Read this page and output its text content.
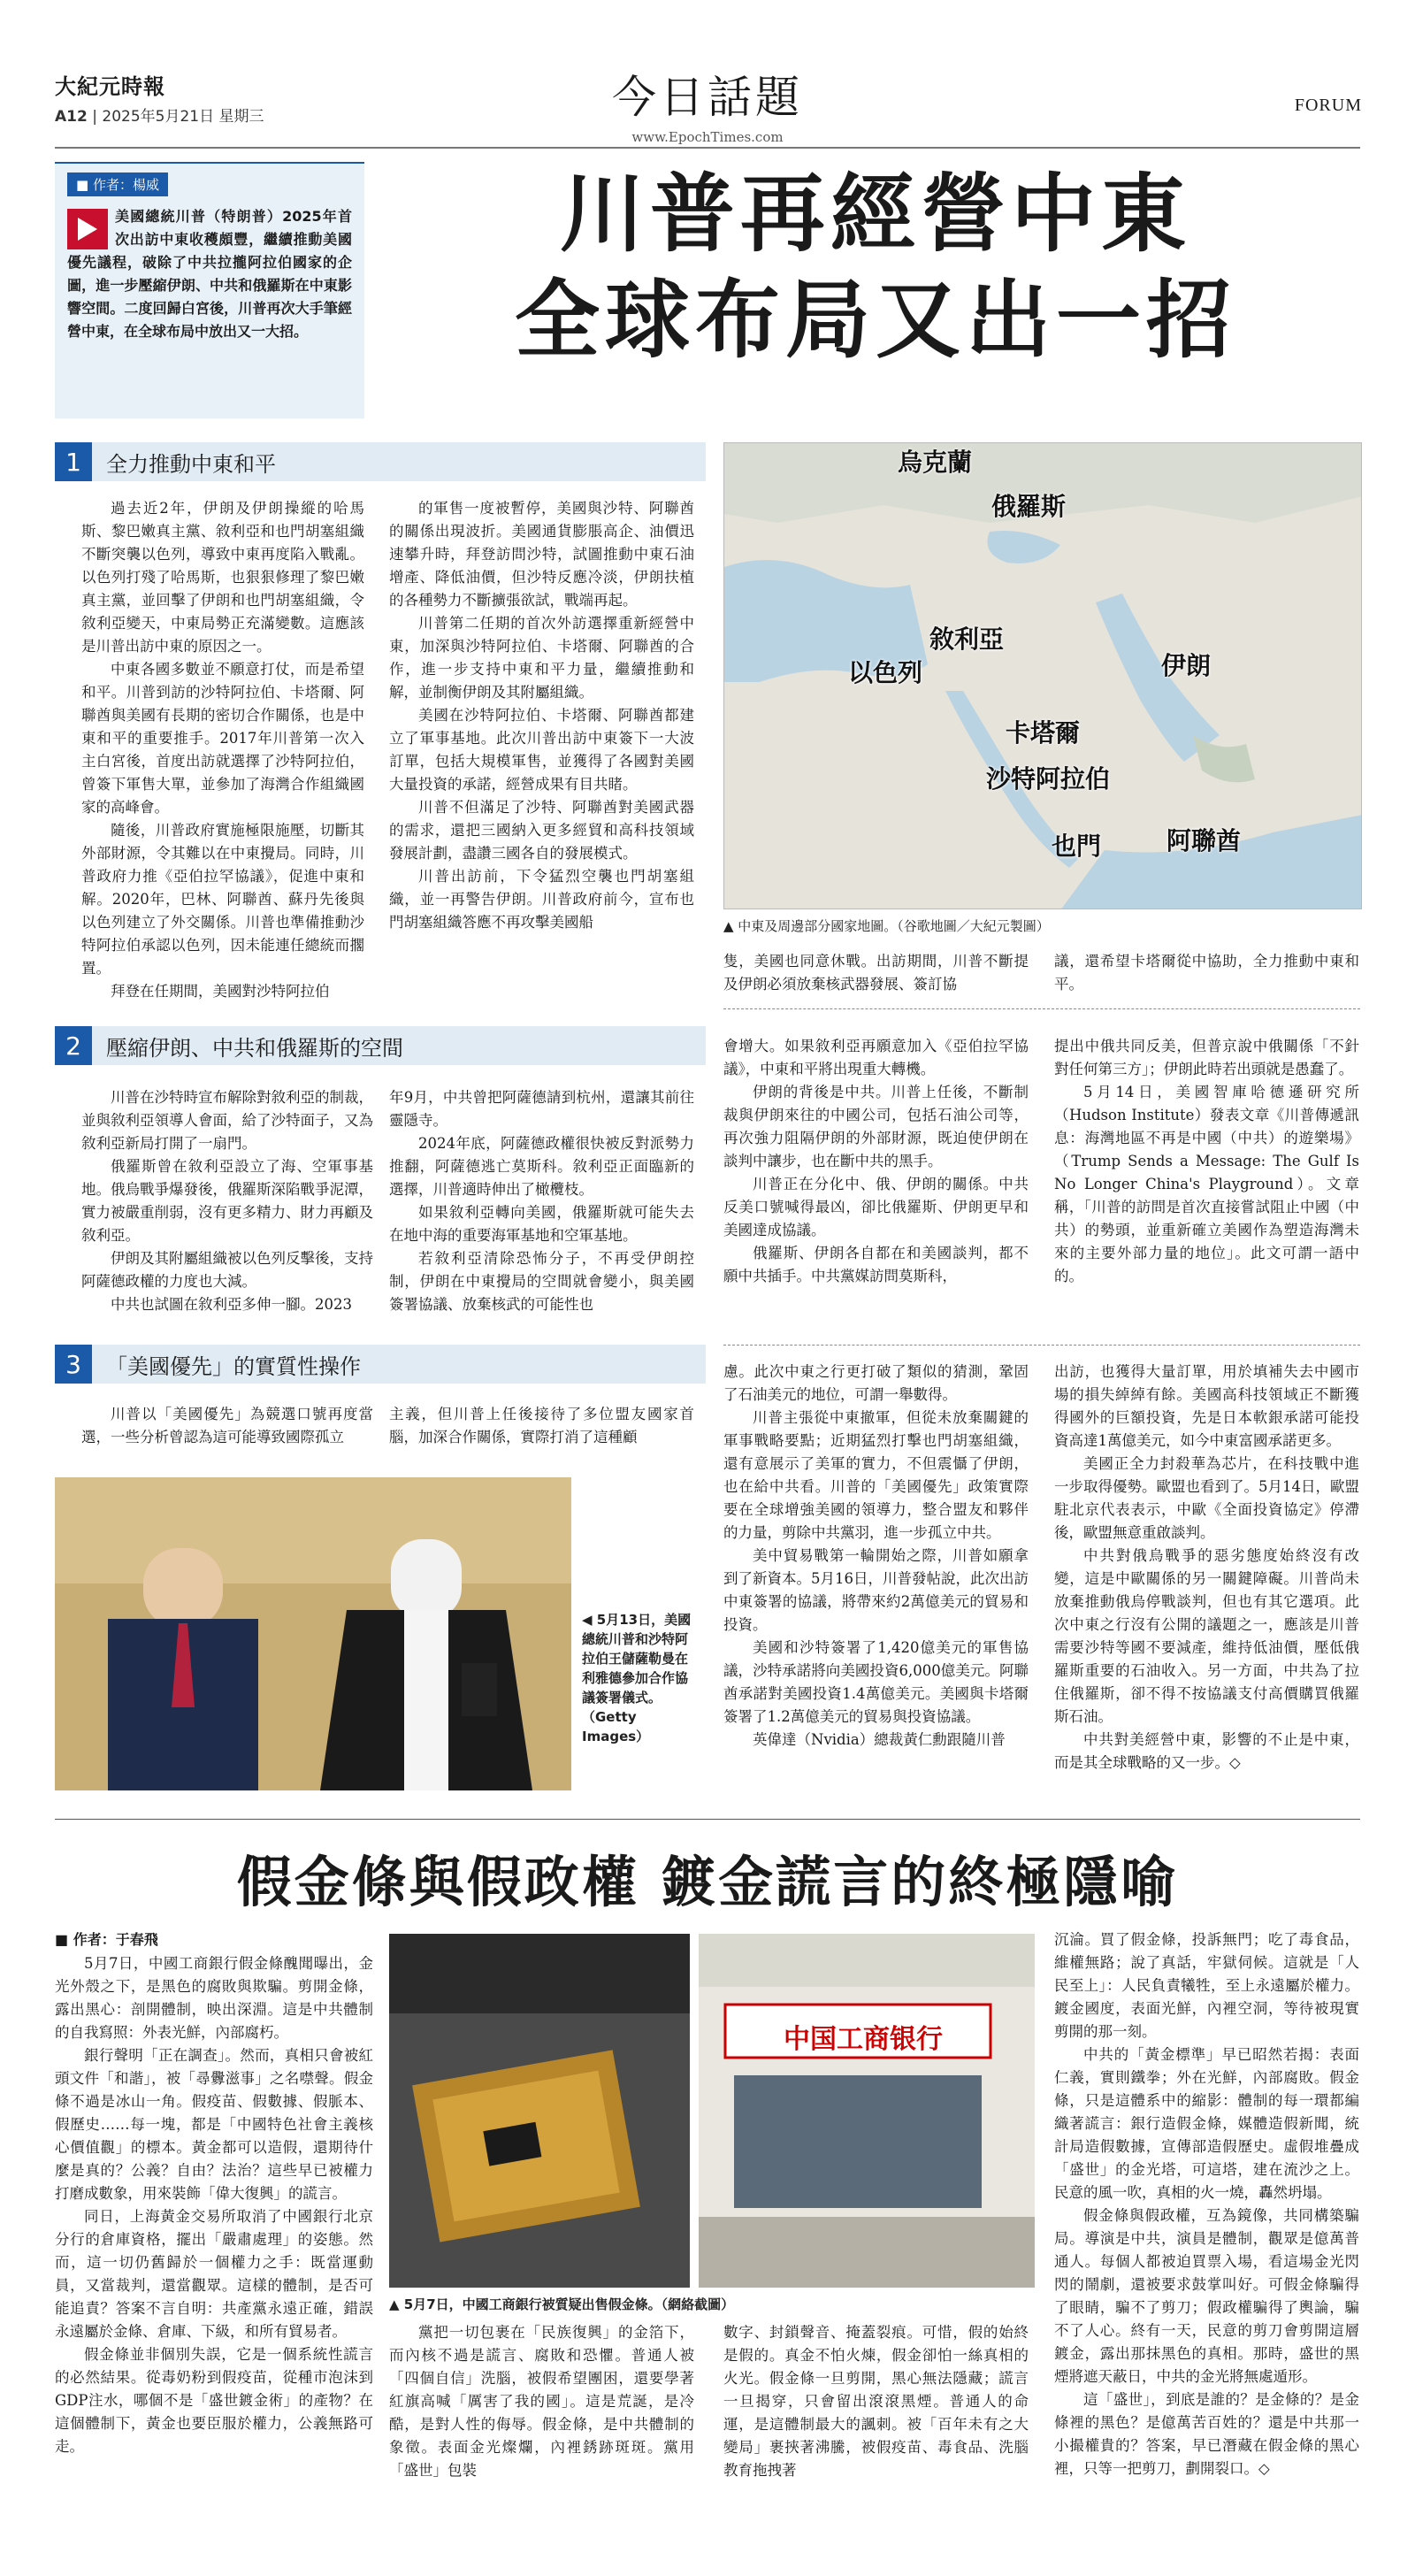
大紀元時報
A12 | 2025年5月21日 星期三	今日話題
www.EpochTimes.com
FORUM
■ 作者：楊威
美國總統川普（特朗普）2025年首次出訪中東收穫頗豐，繼續推動美國優先議程，破除了中共拉攏阿拉伯國家的企圖，進一步壓縮伊朗、中共和俄羅斯在中東影響空間。二度回歸白宮後，川普再次大手筆經營中東，在全球布局中放出又一大招。
川普再經營中東
全球布局又出一招
1	全力推動中東和平

過去近2年，伊朗及伊朗操縱的哈馬斯、黎巴嫩真主黨、敘利亞和也門胡塞組織不斷突襲以色列，導致中東再度陷入戰亂。以色列打殘了哈馬斯，也狠狠修理了黎巴嫩真主黨，並回擊了伊朗和也門胡塞組織，令敘利亞變天，中東局勢正充滿變數。這應該是川普出訪中東的原因之一。

中東各國多數並不願意打仗，而是希望和平。川普到訪的沙特阿拉伯、卡塔爾、阿聯酋與美國有長期的密切合作關係，也是中東和平的重要推手。2017年川普第一次入主白宮後，首度出訪就選擇了沙特阿拉伯，曾簽下軍售大單，並參加了海灣合作組織國家的高峰會。

隨後，川普政府實施極限施壓，切斷其外部財源，令其難以在中東攪局。同時，川普政府力推《亞伯拉罕協議》，促進中東和解。2020年，巴林、阿聯酋、蘇丹先後與以色列建立了外交關係。川普也準備推動沙特阿拉伯承認以色列，因未能連任總統而擱置。

拜登在任期間，美國對沙特阿拉伯

的軍售一度被暫停，美國與沙特、阿聯酋的關係出現波折。美國通貨膨脹高企、油價迅速攀升時，拜登訪問沙特，試圖推動中東石油增產、降低油價，但沙特反應冷淡，伊朗扶植的各種勢力不斷擴張欲試，戰端再起。

川普第二任期的首次外訪選擇重新經營中東，加深與沙特阿拉伯、卡塔爾、阿聯酋的合作，進一步支持中東和平力量，繼續推動和解，並制衡伊朗及其附屬組織。

美國在沙特阿拉伯、卡塔爾、阿聯酋都建立了軍事基地。此次川普出訪中東簽下一大波訂單，包括大規模軍售，並獲得了各國對美國大量投資的承諾，經營成果有目共睹。

川普不但滿足了沙特、阿聯酋對美國武器的需求，還把三國納入更多經貿和高科技領域發展計劃，盡讚三國各自的發展模式。

川普出訪前，下令猛烈空襲也門胡塞組織，並一再警告伊朗。川普政府前今，宣布也門胡塞組織答應不再攻擊美國船

烏克蘭
俄羅斯
敘利亞
以色列	伊朗
卡塔爾
沙特阿拉伯
也門	阿聯酋
▲ 中東及周邊部分國家地圖。（谷歌地圖／大紀元製圖）

隻，美國也同意休戰。出訪期間，川普不斷提及伊朗必須放棄核武器發展、簽訂協

議，還希望卡塔爾從中協助，全力推動中東和平。

2	壓縮伊朗、中共和俄羅斯的空間

川普在沙特時宣布解除對敘利亞的制裁，並與敘利亞領導人會面，給了沙特面子，又為敘利亞新局打開了一扇門。

俄羅斯曾在敘利亞設立了海、空軍事基地。俄烏戰爭爆發後，俄羅斯深陷戰爭泥潭，實力被嚴重削弱，沒有更多精力、財力再顧及敘利亞。

伊朗及其附屬組織被以色列反擊後，支持阿薩德政權的力度也大減。

中共也試圖在敘利亞多伸一腳。2023

年9月，中共曾把阿薩德請到杭州，還讓其前往靈隱寺。

2024年底，阿薩德政權很快被反對派勢力推翻，阿薩德逃亡莫斯科。敘利亞正面臨新的選擇，川普適時伸出了橄欖枝。

如果敘利亞轉向美國，俄羅斯就可能失去在地中海的重要海軍基地和空軍基地。

若敘利亞清除恐怖分子，不再受伊朗控制，伊朗在中東攪局的空間就會變小，與美國簽署協議、放棄核武的可能性也

會增大。如果敘利亞再願意加入《亞伯拉罕協議》，中東和平將出現重大轉機。

伊朗的背後是中共。川普上任後，不斷制裁與伊朗來往的中國公司，包括石油公司等，再次強力阻隔伊朗的外部財源，既迫使伊朗在談判中讓步，也在斷中共的黑手。

川普正在分化中、俄、伊朗的關係。中共反美口號喊得最凶，卻比俄羅斯、伊朗更早和美國達成協議。

俄羅斯、伊朗各自都在和美國談判，都不願中共插手。中共黨媒訪問莫斯科，

提出中俄共同反美，但普京說中俄關係「不針對任何第三方」；伊朗此時若出頭就是愚蠢了。

5月14日，美國智庫哈德遜研究所（Hudson Institute）發表文章《川普傳遞訊息：海灣地區不再是中國（中共）的遊樂場》（Trump Sends a Message: The Gulf Is No Longer China's Playground）。文章稱，「川普的訪問是首次直接嘗試阻止中國（中共）的勢頭，並重新確立美國作為塑造海灣未來的主要外部力量的地位」。此文可謂一語中的。

3	「美國優先」的實質性操作

川普以「美國優先」為競選口號再度當選，一些分析曾認為這可能導致國際孤立

主義，但川普上任後接待了多位盟友國家首腦，加深合作關係，實際打消了這種顧

◀ 5月13日，美國總統川普和沙特阿拉伯王儲薩勒曼在利雅德參加合作協議簽署儀式。（Getty Images）

慮。此次中東之行更打破了類似的猜測，鞏固了石油美元的地位，可謂一舉數得。

川普主張從中東撤軍，但從未放棄關鍵的軍事戰略要點；近期猛烈打擊也門胡塞組織，還有意展示了美軍的實力，不但震懾了伊朗，也在給中共看。川普的「美國優先」政策實際要在全球增強美國的領導力，整合盟友和夥伴的力量，剪除中共黨羽，進一步孤立中共。

美中貿易戰第一輪開始之際，川普如願拿到了新資本。5月16日，川普發帖說，此次出訪中東簽署的協議，將帶來約2萬億美元的貿易和投資。

美國和沙特簽署了1,420億美元的軍售協議，沙特承諾將向美國投資6,000億美元。阿聯酋承諾對美國投資1.4萬億美元。美國與卡塔爾簽署了1.2萬億美元的貿易與投資協議。

英偉達（Nvidia）總裁黃仁勳跟隨川普

出訪，也獲得大量訂單，用於填補失去中國市場的損失綽綽有餘。美國高科技領域正不斷獲得國外的巨額投資，先是日本軟銀承諾可能投資高達1萬億美元，如今中東富國承諾更多。

美國正全力封殺華為芯片，在科技戰中進一步取得優勢。歐盟也看到了。5月14日，歐盟駐北京代表表示，中歐《全面投資協定》停滯後，歐盟無意重啟談判。

中共對俄烏戰爭的惡劣態度始終沒有改變，這是中歐關係的另一關鍵障礙。川普尚未放棄推動俄烏停戰談判，但也有其它選項。此次中東之行沒有公開的議題之一，應該是川普需要沙特等國不要減產，維持低油價，壓低俄羅斯重要的石油收入。另一方面，中共為了拉住俄羅斯，卻不得不按協議支付高價購買俄羅斯石油。

中共對美經營中東，影響的不止是中東，而是其全球戰略的又一步。◇

假金條與假政權 鍍金謊言的終極隱喻
■ 作者：于春飛

5月7日，中國工商銀行假金條醜聞曝出，金光外殼之下，是黑色的腐敗與欺騙。剪開金條，露出黑心：剖開體制，映出深淵。這是中共體制的自我寫照：外表光鮮，內部腐朽。

銀行聲明「正在調查」。然而，真相只會被紅頭文件「和諧」，被「尋釁滋事」之名噤聲。假金條不過是冰山一角。假疫苗、假數據、假脈本、假歷史……每一塊，都是「中國特色社會主義核心價值觀」的標本。黃金都可以造假，還期待什麼是真的？公義？自由？法治？這些早已被權力打磨成數象，用來裝飾「偉大復興」的謊言。

同日，上海黃金交易所取消了中國銀行北京分行的倉庫資格，擺出「嚴肅處理」的姿態。然而，這一切仍舊歸於一個權力之手：既當運動員，又當裁判，還當觀眾。這樣的體制，是否可能追責？答案不言自明：共產黨永遠正確，錯誤永遠屬於金條、倉庫、下級，和所有貿易者。

假金條並非個別失誤，它是一個系統性謊言的必然結果。從毒奶粉到假疫苗，從種市泡沫到GDP注水，哪個不是「盛世鍍金術」的產物？在這個體制下，黃金也要臣服於權力，公義無路可走。

中国工商银行
▲ 5月7日，中國工商銀行被質疑出售假金條。（網絡截圖）

黨把一切包裹在「民族復興」的金箔下，而內核不過是謊言、腐敗和恐懼。普通人被「四個自信」洗腦，被假希望團困，還要學著紅旗高喊「厲害了我的國」。這是荒誕，是冷酷，是對人性的侮辱。假金條，是中共體制的象徵。表面金光燦爛，內裡銹跡斑斑。黨用「盛世」包裝

數字、封鎖聲音、掩蓋裂痕。可惜，假的始終是假的。真金不怕火煉，假金卻怕一絲真相的火光。假金條一旦剪開，黑心無法隱藏；謊言一旦揭穿，只會留出滾滾黑煙。普通人的命運，是這體制最大的諷刺。被「百年未有之大變局」裹挾著沸騰，被假疫苗、毒食品、洗腦教育拖拽著

沉淪。買了假金條，投訴無門；吃了毒食品，維權無路；說了真話，牢獄伺候。這就是「人民至上」：人民負責犧牲，至上永遠屬於權力。鍍金國度，表面光鮮，內裡空洞，等待被現實剪開的那一刻。

中共的「黃金標準」早已昭然若揭：表面仁義，實則鐵拳；外在光鮮，內部腐敗。假金條，只是這體系中的縮影：體制的每一環都編織著謊言：銀行造假金條，媒體造假新聞，統計局造假數據，宣傳部造假歷史。虛假堆疊成「盛世」的金光塔，可這塔，建在流沙之上。民意的風一吹，真相的火一燒，轟然坍塌。

假金條與假政權，互為鏡像，共同構築騙局。導演是中共，演員是體制，觀眾是億萬普通人。每個人都被迫買票入場，看這場金光閃閃的鬧劇，還被要求鼓掌叫好。可假金條騙得了眼睛，騙不了剪刀；假政權騙得了輿論，騙不了人心。終有一天，民意的剪刀會剪開這層鍍金，露出那抹黑色的真相。那時，盛世的黑煙將遮天蔽日，中共的金光將無處遁形。

這「盛世」，到底是誰的？是金條的？是金條裡的黑色？是億萬苦百姓的？還是中共那一小撮權貴的？答案，早已潛藏在假金條的黑心裡，只等一把剪刀，劃開裂口。◇
